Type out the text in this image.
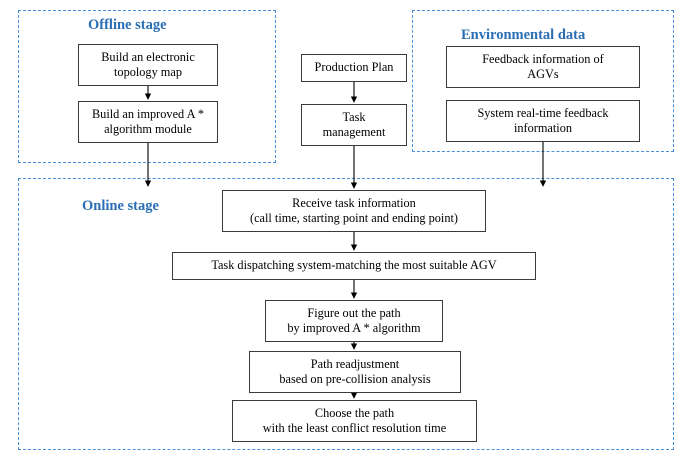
Offline stage
Environmental data
Online stage
Build an electronic
topology map
Build an improved A *
algorithm module
Production Plan
Task
management
Feedback information of
AGVs
System real-time feedback
information
Receive task information
(call time, starting point and ending point)
Task dispatching system-matching the most suitable AGV
Figure out the path
by improved A * algorithm
Path readjustment
based on pre-collision analysis
Choose the path
with the least conflict resolution time
